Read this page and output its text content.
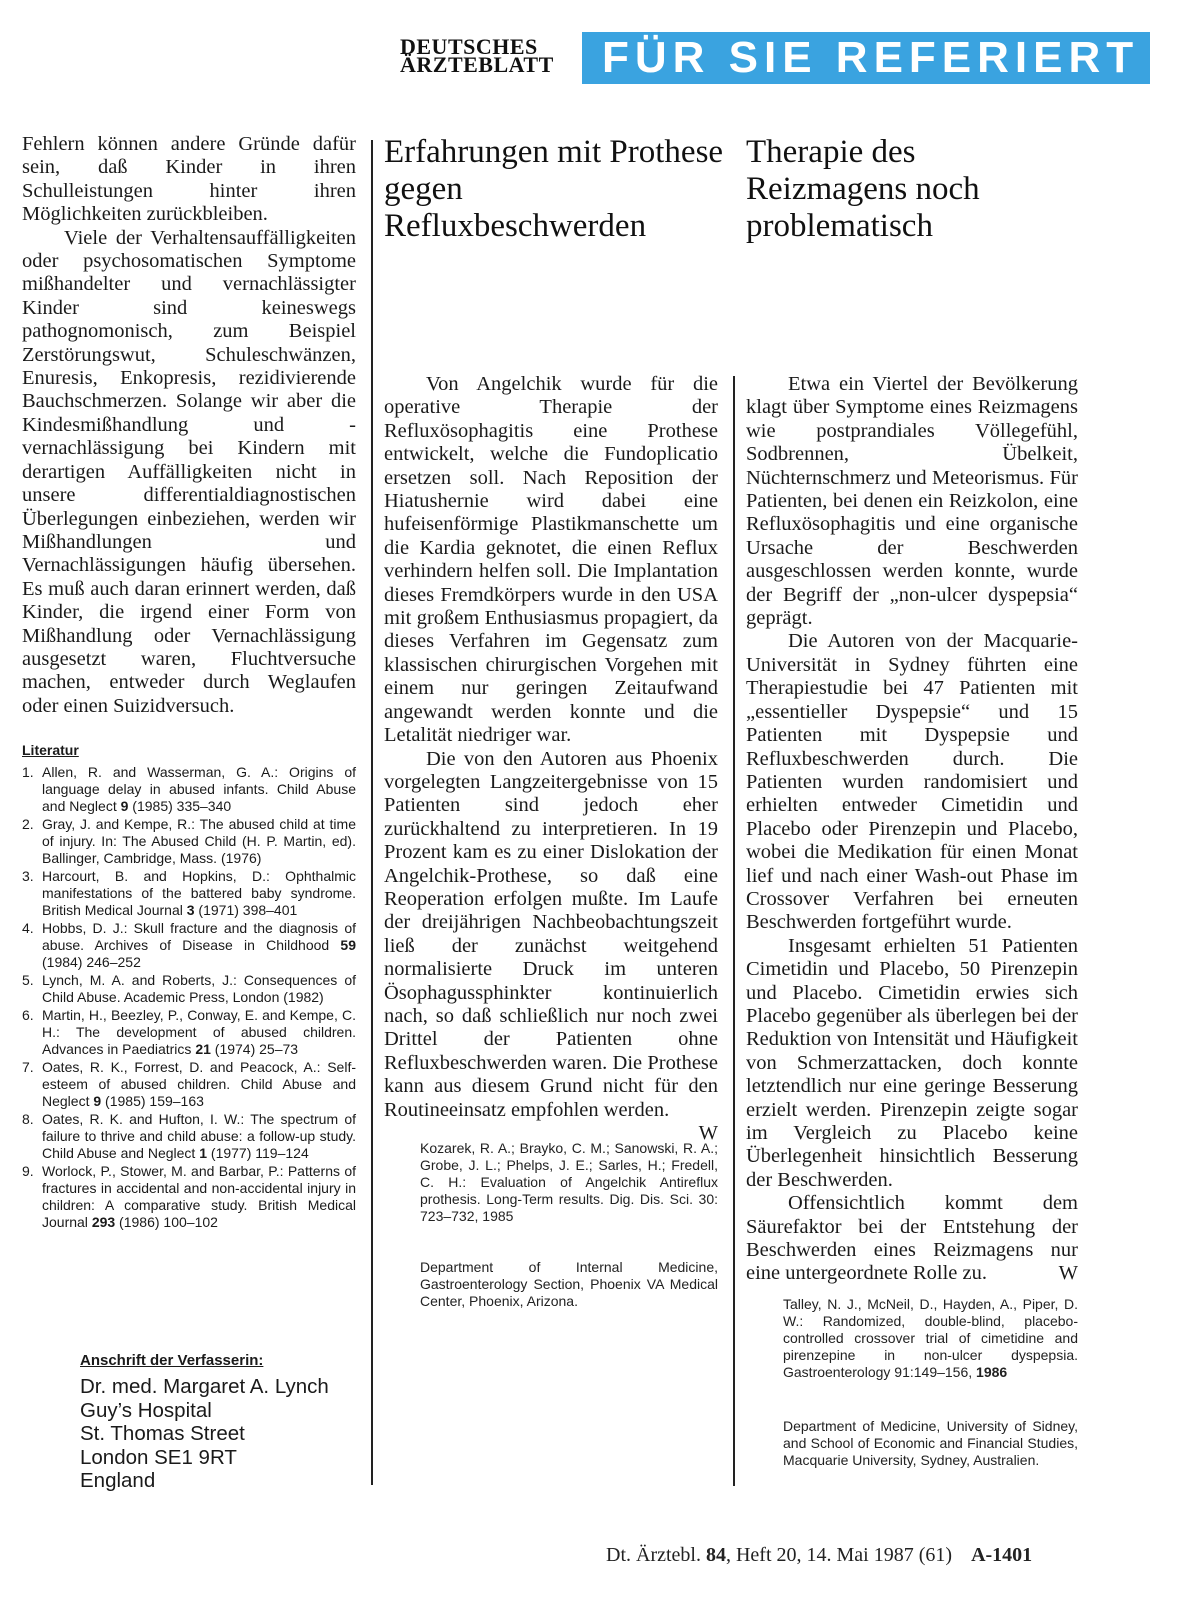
DEUTSCHES
ÄRZTEBLATT	FÜR SIE REFERIERT

Fehlern können andere Gründe dafür sein, daß Kinder in ihren Schulleistungen hinter ihren Möglichkeiten zurückbleiben.

Viele der Verhaltensauffälligkeiten oder psychosomatischen Symptome mißhandelter und vernachlässigter Kinder sind keineswegs pathognomonisch, zum Beispiel Zerstörungswut, Schuleschwänzen, Enuresis, Enkopresis, rezidivierende Bauchschmerzen. Solange wir aber die Kindesmißhandlung und -vernachlässigung bei Kindern mit derartigen Auffälligkeiten nicht in unsere differentialdiagnostischen Überlegungen einbeziehen, werden wir Mißhandlungen und Vernachlässigungen häufig übersehen. Es muß auch daran erinnert werden, daß Kinder, die irgend einer Form von Mißhandlung oder Vernachlässigung ausgesetzt waren, Fluchtversuche machen, entweder durch Weglaufen oder einen Suizidversuch.

Literatur
1. Allen, R. and Wasserman, G. A.: Origins of language delay in abused infants. Child Abuse and Neglect 9 (1985) 335–340
2. Gray, J. and Kempe, R.: The abused child at time of injury. In: The Abused Child (H. P. Martin, ed). Ballinger, Cambridge, Mass. (1976)
3. Harcourt, B. and Hopkins, D.: Ophthalmic manifestations of the battered baby syndrome. British Medical Journal 3 (1971) 398–401
4. Hobbs, D. J.: Skull fracture and the diagnosis of abuse. Archives of Disease in Childhood 59 (1984) 246–252
5. Lynch, M. A. and Roberts, J.: Consequences of Child Abuse. Academic Press, London (1982)
6. Martin, H., Beezley, P., Conway, E. and Kempe, C. H.: The development of abused children. Advances in Paediatrics 21 (1974) 25–73
7. Oates, R. K., Forrest, D. and Peacock, A.: Self-esteem of abused children. Child Abuse and Neglect 9 (1985) 159–163
8. Oates, R. K. and Hufton, I. W.: The spectrum of failure to thrive and child abuse: a follow-up study. Child Abuse and Neglect 1 (1977) 119–124
9. Worlock, P., Stower, M. and Barbar, P.: Patterns of fractures in accidental and non-accidental injury in children: A comparative study. British Medical Journal 293 (1986) 100–102
Anschrift der Verfasserin:
Dr. med. Margaret A. Lynch
Guy’s Hospital
St. Thomas Street
London SE1 9RT
England
Erfahrungen mit Prothese gegen Refluxbeschwerden

Von Angelchik wurde für die operative Therapie der Refluxösophagitis eine Prothese entwickelt, welche die Fundoplicatio ersetzen soll. Nach Reposition der Hiatushernie wird dabei eine hufeisenförmige Plastikmanschette um die Kardia geknotet, die einen Reflux verhindern helfen soll. Die Implantation dieses Fremdkörpers wurde in den USA mit großem Enthusiasmus propagiert, da dieses Verfahren im Gegensatz zum klassischen chirurgischen Vorgehen mit einem nur geringen Zeitaufwand angewandt werden konnte und die Letalität niedriger war.

Die von den Autoren aus Phoenix vorgelegten Langzeitergebnisse von 15 Patienten sind jedoch eher zurückhaltend zu interpretieren. In 19 Prozent kam es zu einer Dislokation der Angelchik-Prothese, so daß eine Reoperation erfolgen mußte. Im Laufe der dreijährigen Nachbeobachtungszeit ließ der zunächst weitgehend normalisierte Druck im unteren Ösophagussphinkter kontinuierlich nach, so daß schließlich nur noch zwei Drittel der Patienten ohne Refluxbeschwerden waren. Die Prothese kann aus diesem Grund nicht für den Routineeinsatz empfohlen werden.
W

Kozarek, R. A.; Brayko, C. M.; Sanowski, R. A.; Grobe, J. L.; Phelps, J. E.; Sarles, H.; Fredell, C. H.: Evaluation of Angelchik Antireflux prothesis. Long-Term results. Dig. Dis. Sci. 30: 723–732, 1985
Department of Internal Medicine, Gastroenterology Section, Phoenix VA Medical Center, Phoenix, Arizona.
Therapie des Reizmagens noch problematisch

Etwa ein Viertel der Bevölkerung klagt über Symptome eines Reizmagens wie postprandiales Völlegefühl, Sodbrennen, Übelkeit, Nüchternschmerz und Meteorismus. Für Patienten, bei denen ein Reizkolon, eine Refluxösophagitis und eine organische Ursache der Beschwerden ausgeschlossen werden konnte, wurde der Begriff der „non-ulcer dyspepsia“ geprägt.

Die Autoren von der Macquarie-Universität in Sydney führten eine Therapiestudie bei 47 Patienten mit „essentieller Dyspepsie“ und 15 Patienten mit Dyspepsie und Refluxbeschwerden durch. Die Patienten wurden randomisiert und erhielten entweder Cimetidin und Placebo oder Pirenzepin und Placebo, wobei die Medikation für einen Monat lief und nach einer Wash-out Phase im Crossover Verfahren bei erneuten Beschwerden fortgeführt wurde.

Insgesamt erhielten 51 Patienten Cimetidin und Placebo, 50 Pirenzepin und Placebo. Cimetidin erwies sich Placebo gegenüber als überlegen bei der Reduktion von Intensität und Häufigkeit von Schmerzattacken, doch konnte letztendlich nur eine geringe Besserung erzielt werden. Pirenzepin zeigte sogar im Vergleich zu Placebo keine Überlegenheit hinsichtlich Besserung der Beschwerden.

Offensichtlich kommt dem Säurefaktor bei der Entstehung der Beschwerden eines Reizmagens nur eine untergeordnete Rolle zu.	W

Talley, N. J., McNeil, D., Hayden, A., Piper, D. W.: Randomized, double-blind, placebo-controlled crossover trial of cimetidine and pirenzepine in non-ulcer dyspepsia. Gastroenterology 91:149–156, 1986
Department of Medicine, University of Sidney, and School of Economic and Financial Studies, Macquarie University, Sydney, Australien.
Dt. Ärztebl. 84, Heft 20, 14. Mai 1987 (61) A-1401
